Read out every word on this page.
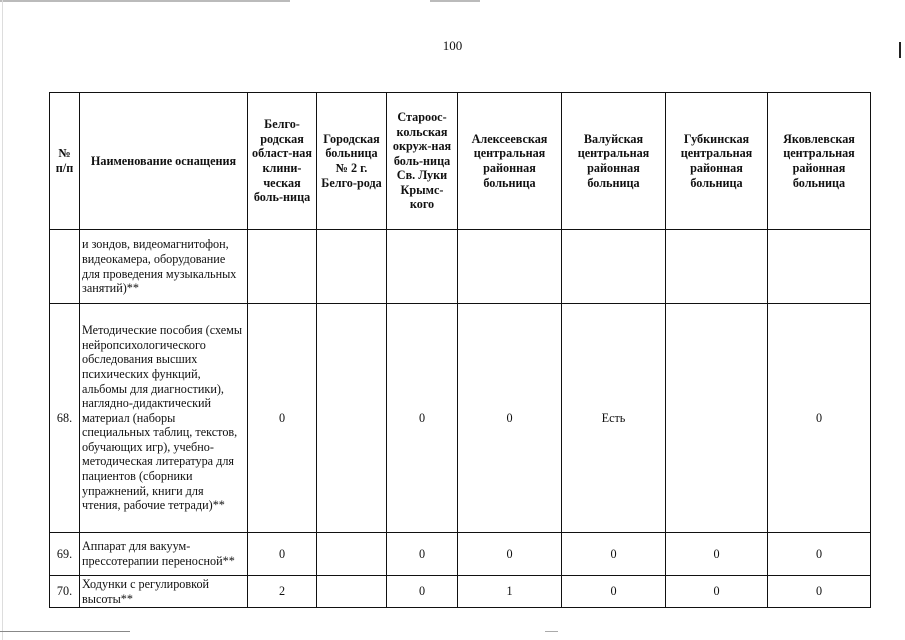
100
№ п/п	Наименование оснащения	Белго-родская област-ная клини-ческая боль-ница	Городская больница № 2 г. Белго-рода	Староос-кольская окруж-ная боль-ница Св. Луки Крымс-кого	Алексеевская центральная районная больница	Валуйская центральная районная больница	Губкинская центральная районная больница	Яковлевская центральная районная больница
	и зондов, видеомагнитофон, видеокамера, оборудование для проведения музыкальных занятий)**							
68.	Методические пособия (схемы нейропсихологического обследования высших психических функций, альбомы для диагностики), наглядно-дидактический материал (наборы специальных таблиц, текстов, обучающих игр), учебно-методическая литература для пациентов (сборники упражнений, книги для чтения, рабочие тетради)**	0		0	0	Есть		0
69.	Аппарат для вакуум-прессотерапии переносной**	0		0	0	0	0	0
70.	Ходунки с регулировкой высоты**	2		0	1	0	0	0
